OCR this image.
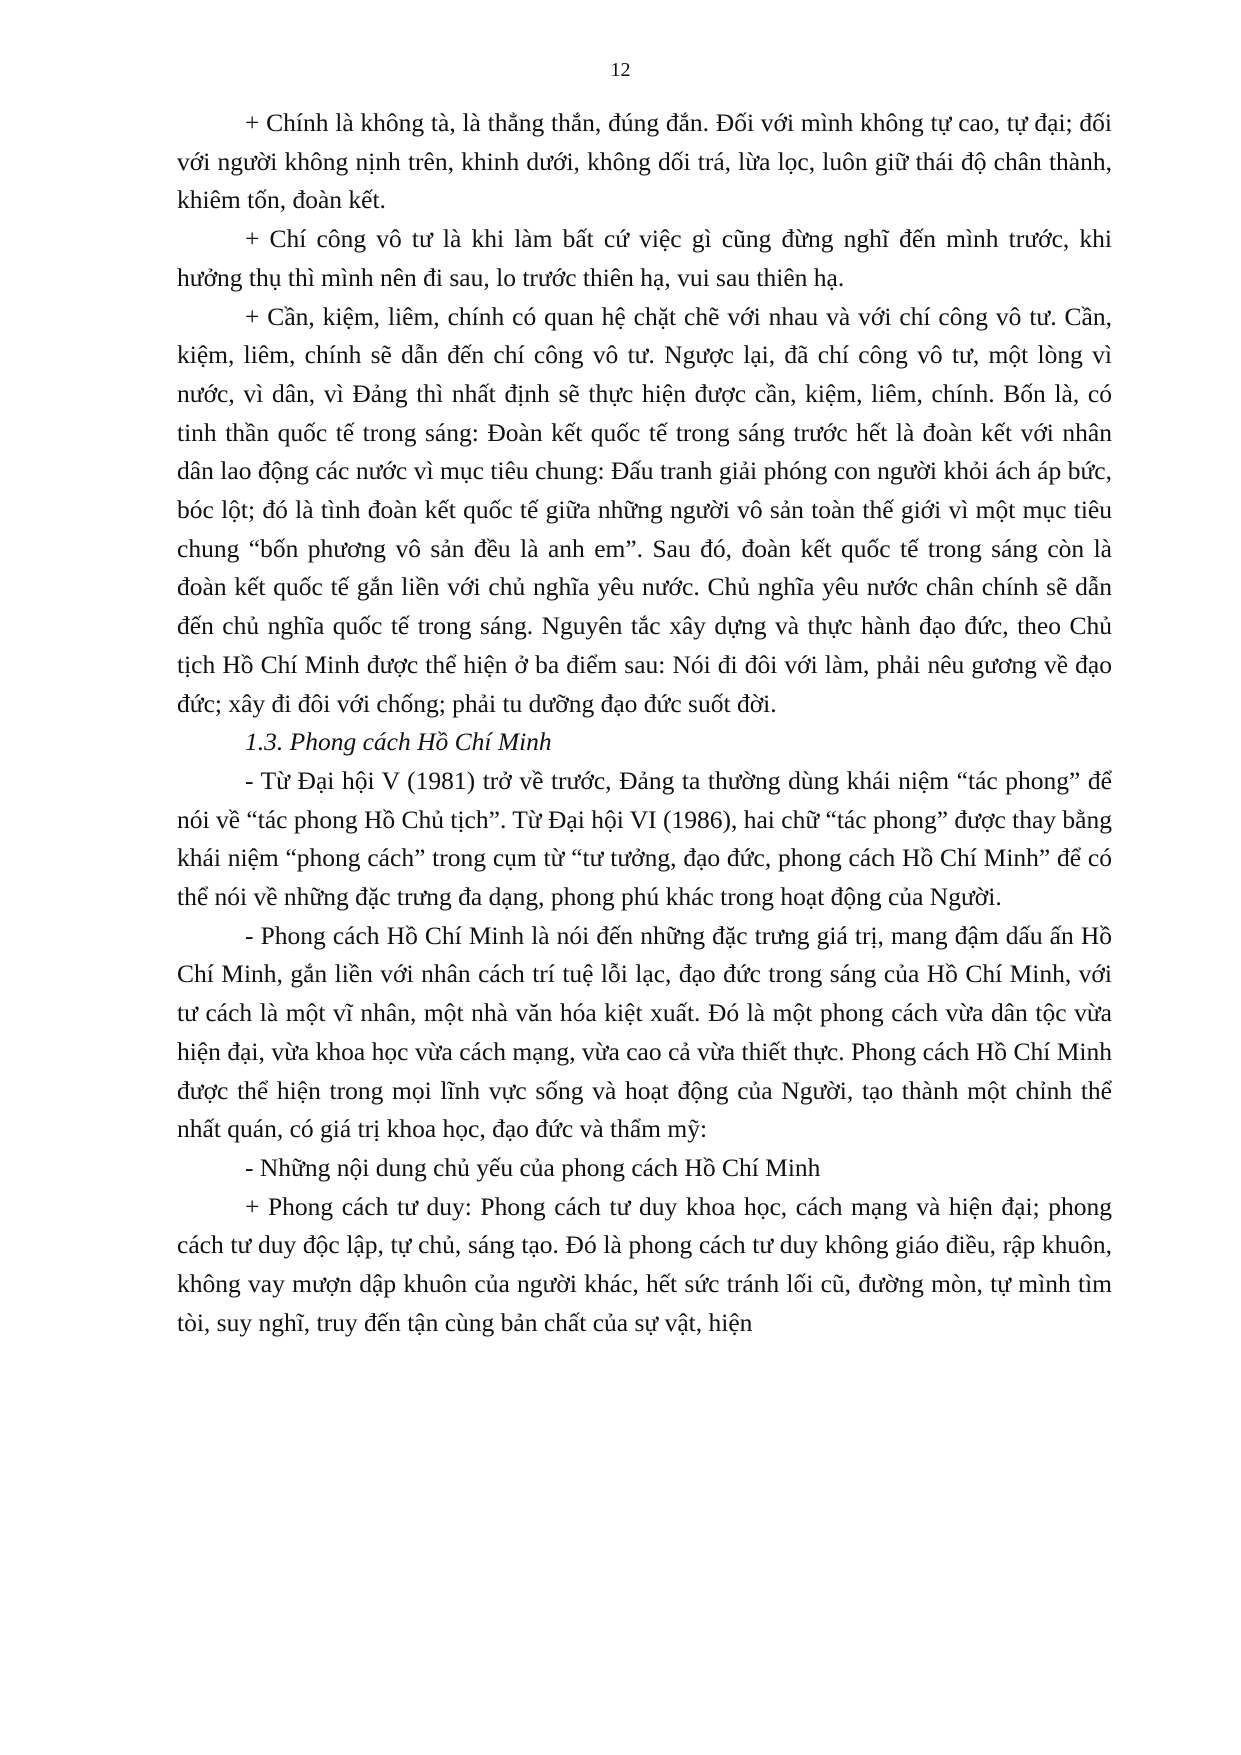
12

+ Chính là không tà, là thẳng thắn, đúng đắn. Đối với mình không tự cao, tự đại; đối với người không nịnh trên, khinh dưới, không dối trá, lừa lọc, luôn giữ thái độ chân thành, khiêm tốn, đoàn kết.

+ Chí công vô tư là khi làm bất cứ việc gì cũng đừng nghĩ đến mình trước, khi hưởng thụ thì mình nên đi sau, lo trước thiên hạ, vui sau thiên hạ.

+ Cần, kiệm, liêm, chính có quan hệ chặt chẽ với nhau và với chí công vô tư. Cần, kiệm, liêm, chính sẽ dẫn đến chí công vô tư. Ngược lại, đã chí công vô tư, một lòng vì nước, vì dân, vì Đảng thì nhất định sẽ thực hiện được cần, kiệm, liêm, chính. Bốn là, có tinh thần quốc tế trong sáng: Đoàn kết quốc tế trong sáng trước hết là đoàn kết với nhân dân lao động các nước vì mục tiêu chung: Đấu tranh giải phóng con người khỏi ách áp bức, bóc lột; đó là tình đoàn kết quốc tế giữa những người vô sản toàn thế giới vì một mục tiêu chung “bốn phương vô sản đều là anh em”. Sau đó, đoàn kết quốc tế trong sáng còn là đoàn kết quốc tế gắn liền với chủ nghĩa yêu nước. Chủ nghĩa yêu nước chân chính sẽ dẫn đến chủ nghĩa quốc tế trong sáng. Nguyên tắc xây dựng và thực hành đạo đức, theo Chủ tịch Hồ Chí Minh được thể hiện ở ba điểm sau: Nói đi đôi với làm, phải nêu gương về đạo đức; xây đi đôi với chống; phải tu dưỡng đạo đức suốt đời.

1.3. Phong cách Hồ Chí Minh

- Từ Đại hội V (1981) trở về trước, Đảng ta thường dùng khái niệm “tác phong” để nói về “tác phong Hồ Chủ tịch”. Từ Đại hội VI (1986), hai chữ “tác phong” được thay bằng khái niệm “phong cách” trong cụm từ “tư tưởng, đạo đức, phong cách Hồ Chí Minh” để có thể nói về những đặc trưng đa dạng, phong phú khác trong hoạt động của Người.

- Phong cách Hồ Chí Minh là nói đến những đặc trưng giá trị, mang đậm dấu ấn Hồ Chí Minh, gắn liền với nhân cách trí tuệ lỗi lạc, đạo đức trong sáng của Hồ Chí Minh, với tư cách là một vĩ nhân, một nhà văn hóa kiệt xuất. Đó là một phong cách vừa dân tộc vừa hiện đại, vừa khoa học vừa cách mạng, vừa cao cả vừa thiết thực. Phong cách Hồ Chí Minh được thể hiện trong mọi lĩnh vực sống và hoạt động của Người, tạo thành một chỉnh thể nhất quán, có giá trị khoa học, đạo đức và thẩm mỹ:

- Những nội dung chủ yếu của phong cách Hồ Chí Minh

+ Phong cách tư duy: Phong cách tư duy khoa học, cách mạng và hiện đại; phong cách tư duy độc lập, tự chủ, sáng tạo. Đó là phong cách tư duy không giáo điều, rập khuôn, không vay mượn dập khuôn của người khác, hết sức tránh lối cũ, đường mòn, tự mình tìm tòi, suy nghĩ, truy đến tận cùng bản chất của sự vật, hiện
